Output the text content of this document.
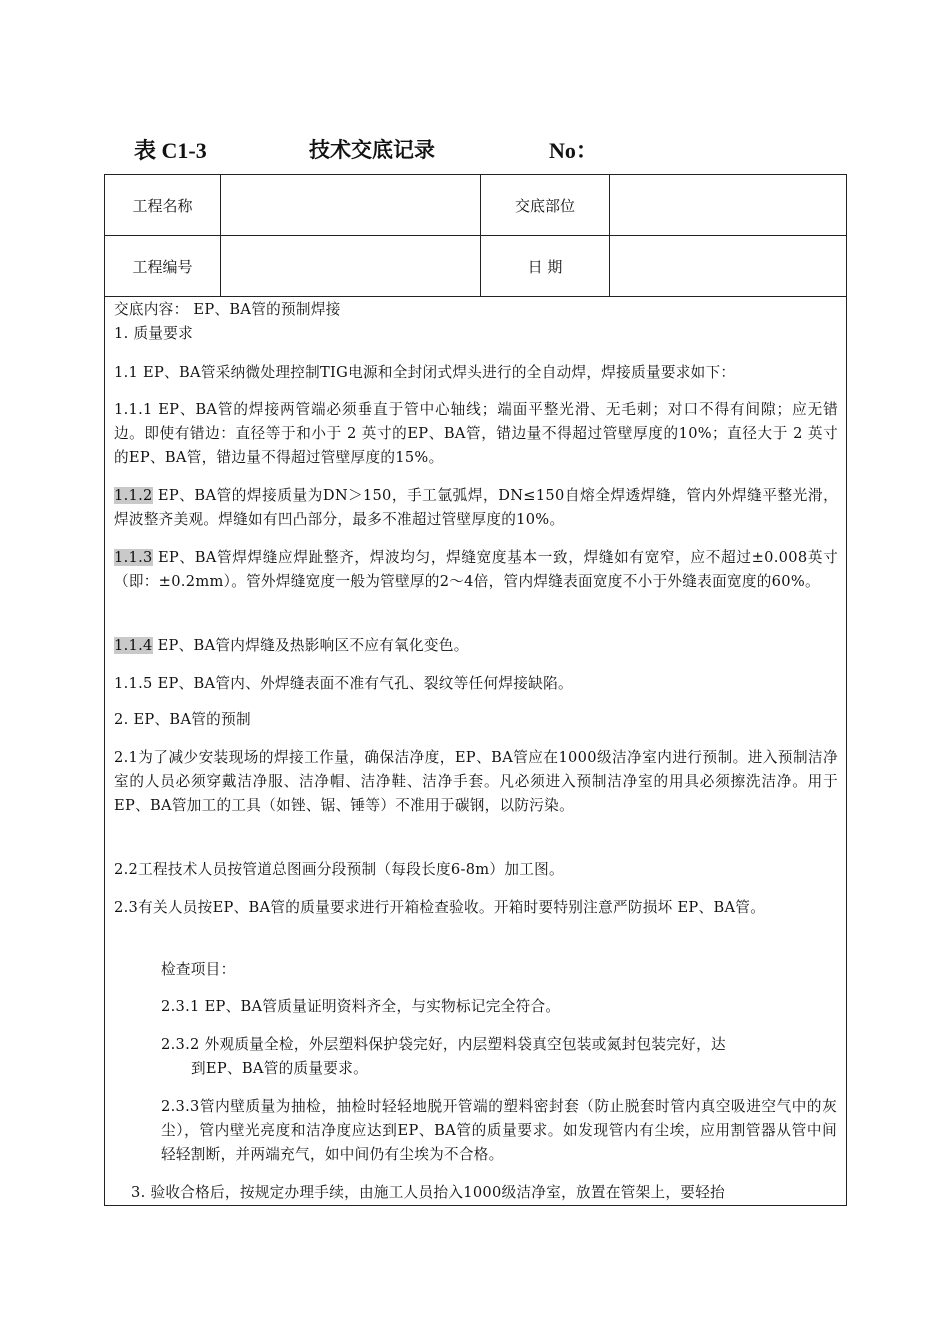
表 C1-3	技术交底记录	No：
工程名称		交底部位	
工程编号		日 期	
交底内容： EP、BA管的预制焊接
1. 质量要求
1.1 EP、BA管采纳微处理控制TIG电源和全封闭式焊头进行的全自动焊，焊接质量要求如下：
1.1.1 EP、BA管的焊接两管端必须垂直于管中心轴线；端面平整光滑、无毛刺；对口不得有间隙；应无错边。即使有错边：直径等于和小于 2 英寸的EP、BA管，错边量不得超过管壁厚度的10%；直径大于 2 英寸的EP、BA管，错边量不得超过管壁厚度的15%。
1.1.2 EP、BA管的焊接质量为DN＞150，手工氩弧焊，DN≤150自熔全焊透焊缝，管内外焊缝平整光滑，焊波整齐美观。焊缝如有凹凸部分，最多不准超过管壁厚度的10%。
1.1.3 EP、BA管焊焊缝应焊趾整齐，焊波均匀，焊缝宽度基本一致，焊缝如有宽窄，应不超过±0.008英寸（即：±0.2mm）。管外焊缝宽度一般为管壁厚的2～4倍，管内焊缝表面宽度不小于外缝表面宽度的60%。
1.1.4 EP、BA管内焊缝及热影响区不应有氧化变色。
1.1.5 EP、BA管内、外焊缝表面不准有气孔、裂纹等任何焊接缺陷。
2. EP、BA管的预制
2.1为了减少安装现场的焊接工作量，确保洁净度，EP、BA管应在1000级洁净室内进行预制。进入预制洁净室的人员必须穿戴洁净服、洁净帽、洁净鞋、洁净手套。凡必须进入预制洁净室的用具必须擦洗洁净。用于EP、BA管加工的工具（如锉、锯、锤等）不准用于碳钢，以防污染。
2.2工程技术人员按管道总图画分段预制（每段长度6-8m）加工图。
2.3有关人员按EP、BA管的质量要求进行开箱检查验收。开箱时要特别注意严防损坏 EP、BA管。
检查项目：
2.3.1 EP、BA管质量证明资料齐全，与实物标记完全符合。
2.3.2 外观质量全检，外层塑料保护袋完好，内层塑料袋真空包装或氮封包装完好，达
到EP、BA管的质量要求。
2.3.3管内壁质量为抽检，抽检时轻轻地脱开管端的塑料密封套（防止脱套时管内真空吸进空气中的灰尘），管内壁光亮度和洁净度应达到EP、BA管的质量要求。如发现管内有尘埃，应用割管器从管中间轻轻割断，并两端充气，如中间仍有尘埃为不合格。
3. 验收合格后，按规定办理手续，由施工人员抬入1000级洁净室，放置在管架上，要轻抬
